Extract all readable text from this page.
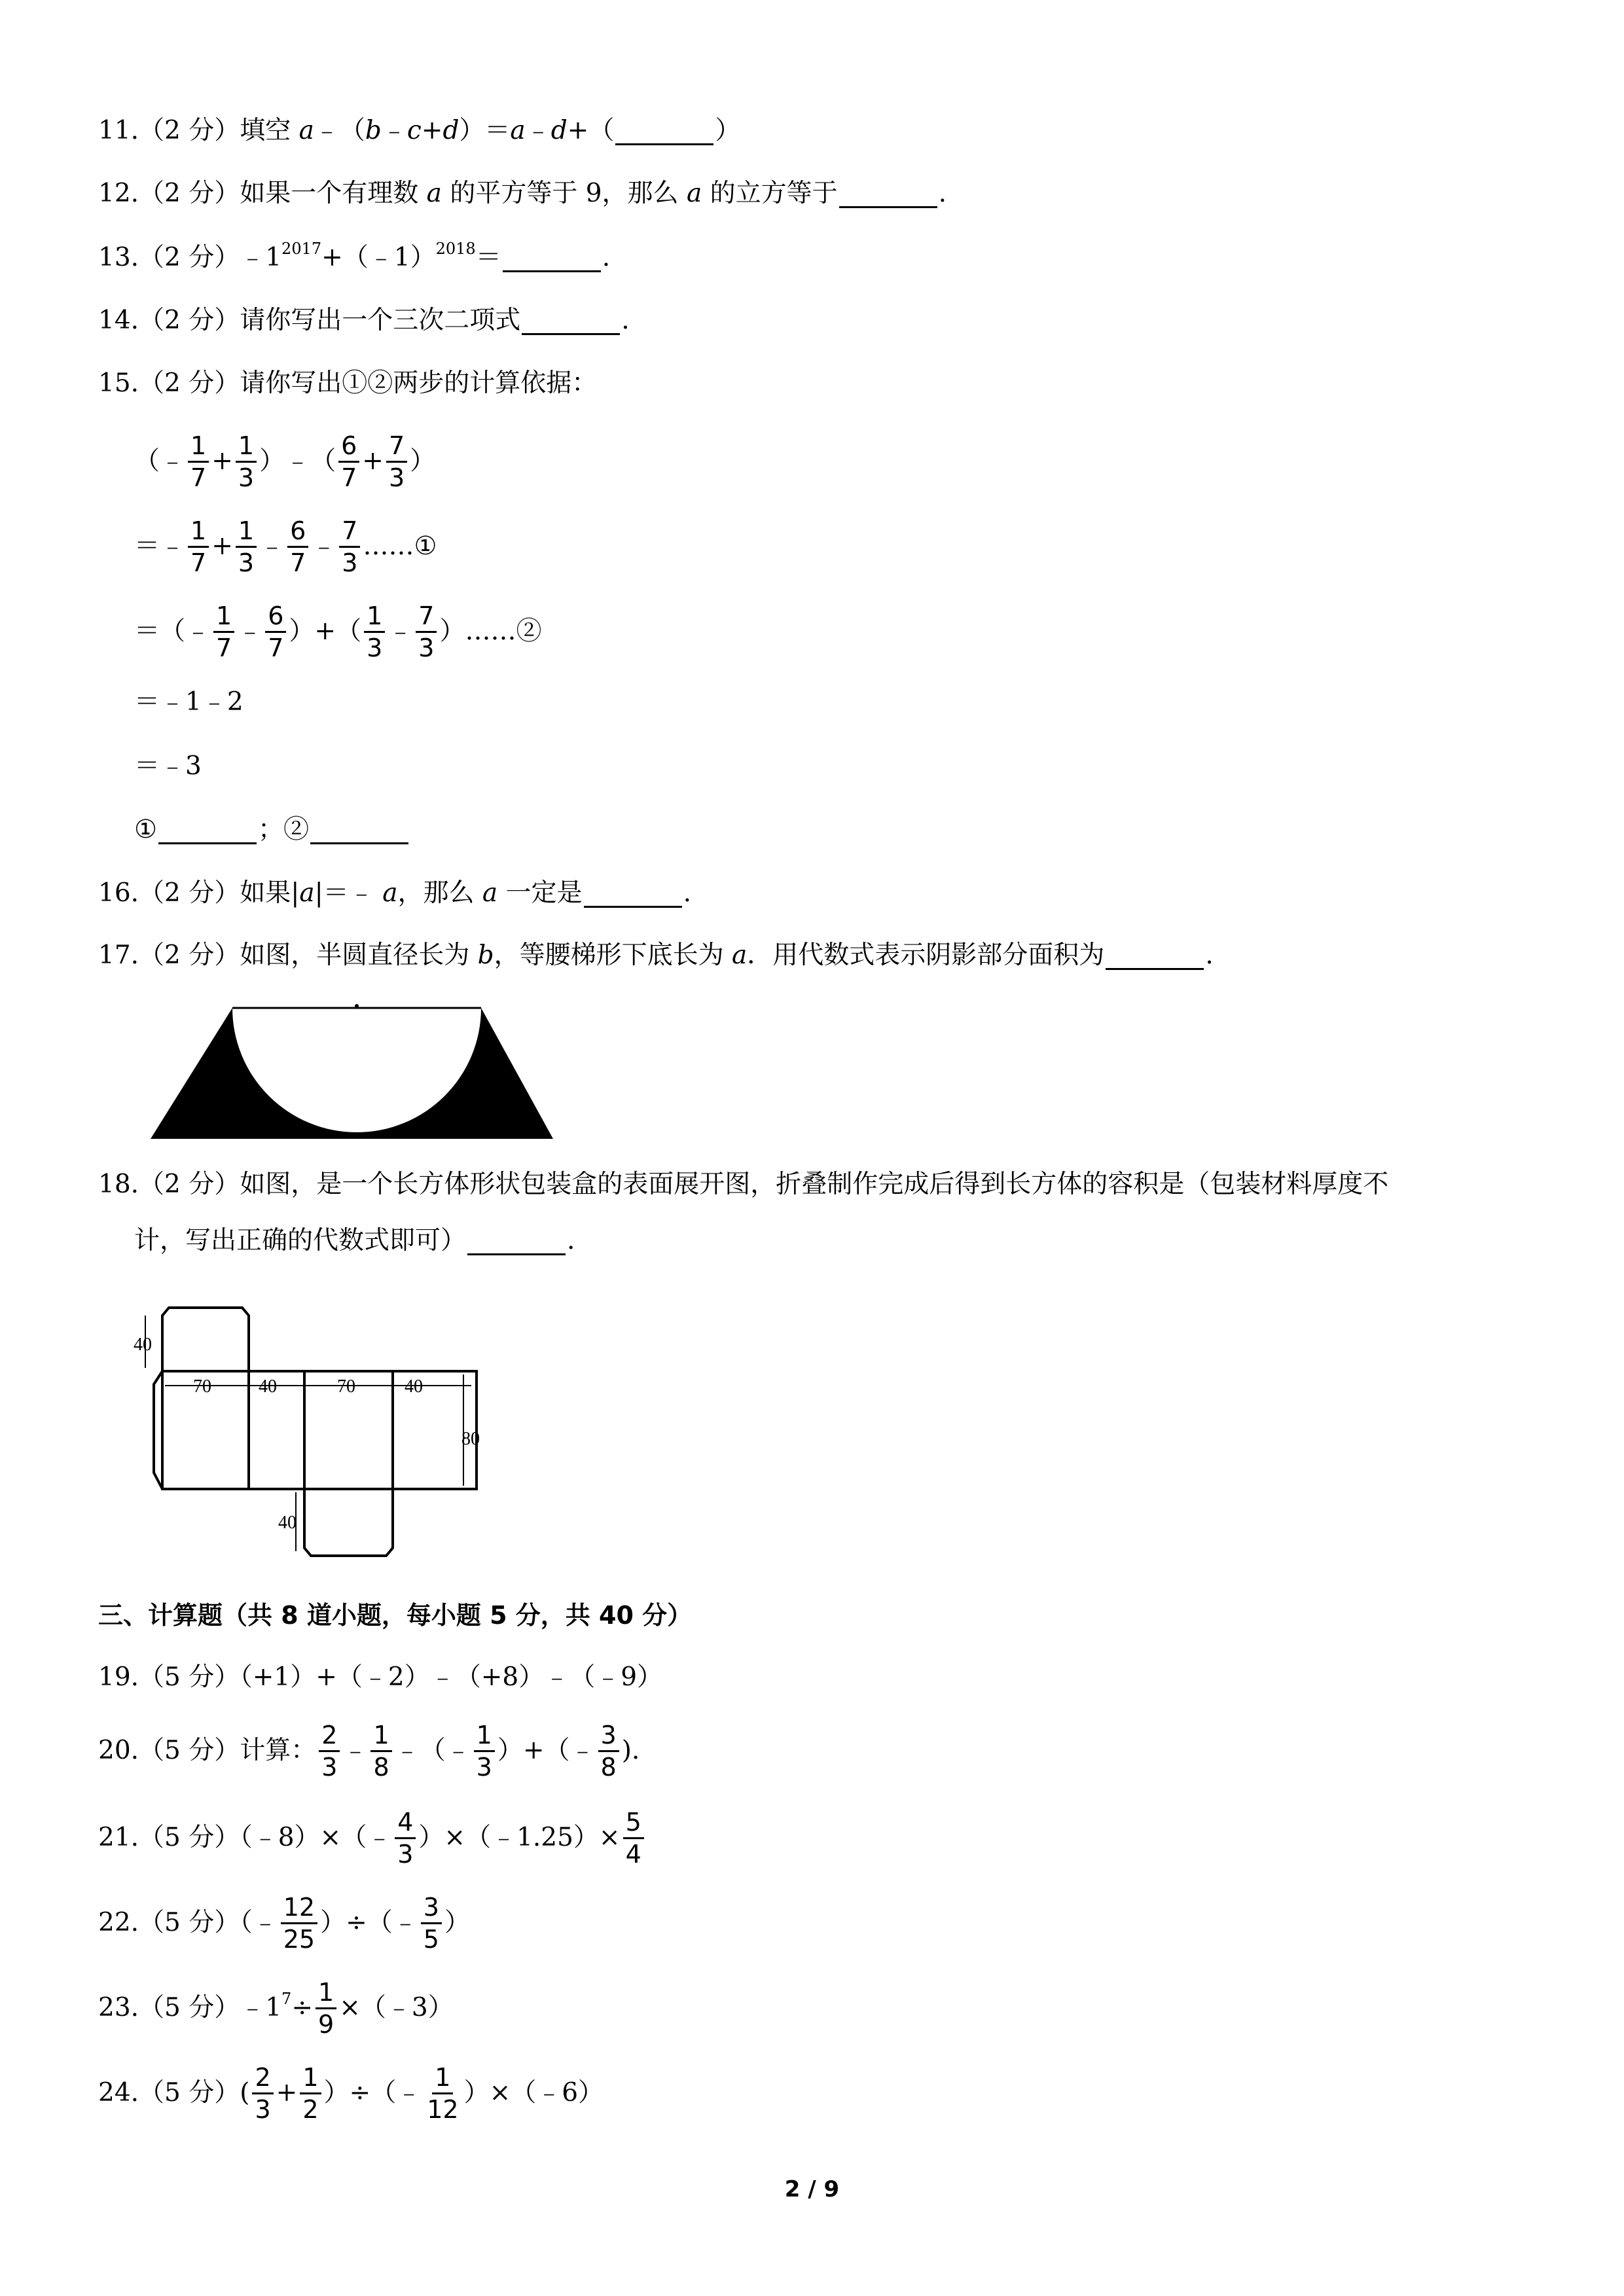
11.（2 分）填空
a ﹣（ b ﹣ c + d ）＝ a ﹣ d +（	）
12.（2 分）如果一个有理数
a
的平方等于 9，那么
a
的立方等于	.
13.（2 分）$﹣1^{2017}$ +（﹣1）$^{2018}$ ＝	.
14.（2 分）请你写出一个三次二项式	.
15.（2 分）请你写出①②两步的计算依据：
（﹣ $\frac{1}{7} + \frac{1}{3}$ ）﹣（ $\frac{6}{7} + \frac{7}{3}$ ）
＝﹣ $\frac{1}{7} + \frac{1}{3}$ ﹣ $\frac{6}{7}$ ﹣ $\frac{7}{3}$ ……①
＝（﹣ $\frac{1}{7}$ ﹣ $\frac{6}{7}$ ）+（ $\frac{1}{3}$ ﹣ $\frac{7}{3}$ ）……②
＝﹣1﹣2
＝﹣3
①	；②
16.（2 分）如果| a |＝﹣
a ，那么
a
一定是	.
17.（2 分）如图，半圆直径长为
b ，等腰梯形下底长为
a ．用代数式表示阴影部分面积为	.
18.（2 分）如图，是一个长方体形状包装盒的表面展开图，折叠制作完成后得到长方体的容积是（包装材料厚度不
计，写出正确的代数式即可）	.
40
70	40	70	40
80
40
三、计算题（共 8 道小题，每小题 5 分，共 40 分）
19.（5 分）（+1）+（﹣2）﹣（+8）﹣（﹣9）
20.（5 分）计算： $\frac{2}{3}$ ﹣ $\frac{1}{8}$ ﹣（﹣ $\frac{1}{3}$ ）+（﹣ $\frac{3}{8}$ ).
21.（5 分）（﹣8）×（﹣ $\frac{4}{3}$ ）×（﹣1.25）× $\frac{5}{4}$
22.（5 分）（﹣ $\frac{12}{25}$ ）÷（﹣ $\frac{3}{5}$ ）
23.（5 分）$﹣1^7 \div \frac{1}{9}$ ×（﹣3）
24.（5 分）( $\frac{2}{3} + \frac{1}{2}$ ）÷（﹣ $\frac{1}{12}$ ）×（﹣6）
2 / 9
